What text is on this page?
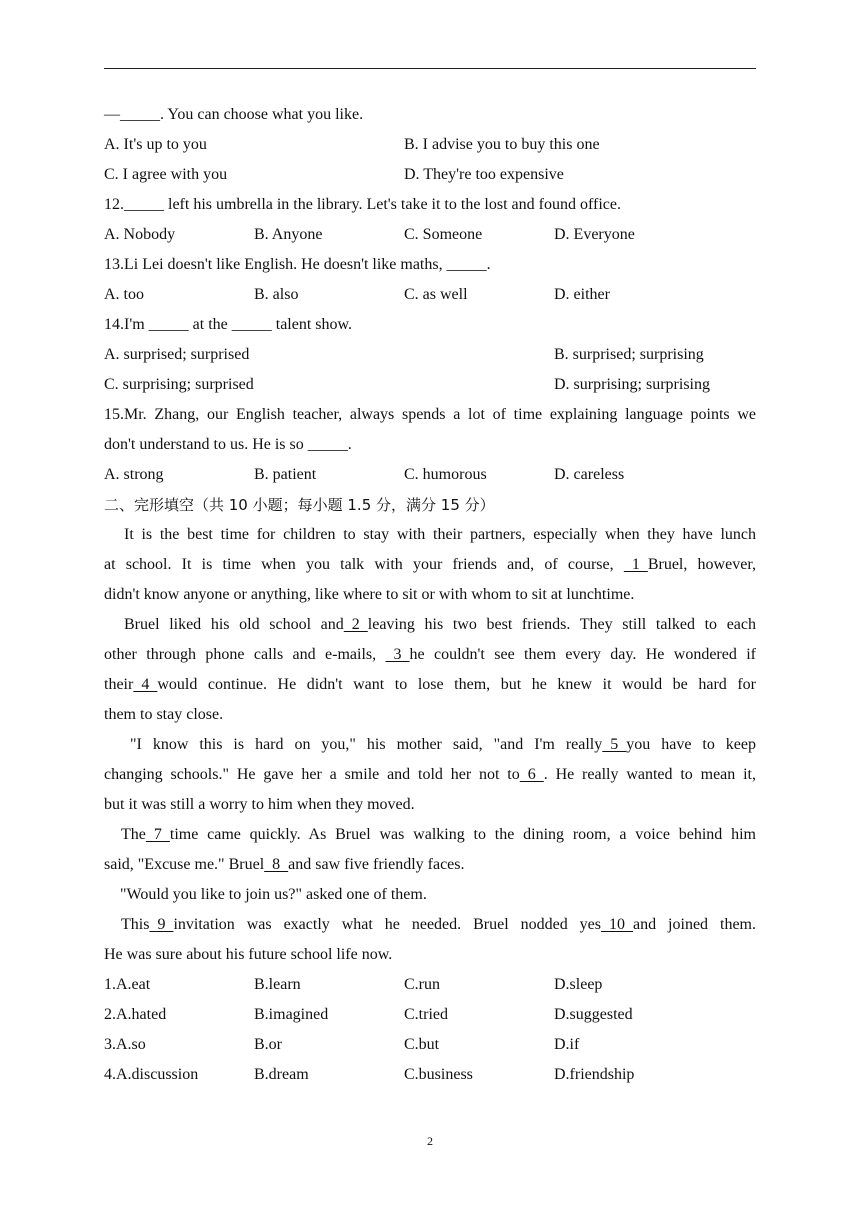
—_____. You can choose what you like.
A. It's up to you	B. I advise you to buy this one
C. I agree with you	D. They're too expensive
12._____ left his umbrella in the library. Let's take it to the lost and found office.
A. Nobody	B. Anyone	C. Someone	D. Everyone
13.Li Lei doesn't like English. He doesn't like maths, _____.
A. too	B. also	C. as well	D. either
14.I'm _____ at the _____ talent show.
A. surprised; surprised	B. surprised; surprising
C. surprising; surprised	D. surprising; surprising
15.Mr. Zhang, our English teacher, always spends a lot of time explaining language points we
don't understand to us. He is so _____.
A. strong	B. patient	C. humorous	D. careless
二、完形填空（共 10 小题；每小题 1.5 分，满分 15 分）
It is the best time for children to stay with their partners, especially when they have lunch
at school. It is time when you talk with your friends and, of course,   1  Bruel, however,
didn't know anyone or anything, like where to sit or with whom to sit at lunchtime.
Bruel liked his old school and  2  leaving his two best friends. They still talked to each
other through phone calls and e-mails,   3  he couldn't see them every day. He wondered if
their  4  would continue. He didn't want to lose them, but he knew it would be hard for
them to stay close.
"I know this is hard on you," his mother said, "and I'm really  5  you have to keep
changing schools." He gave her a smile and told her not to  6  . He really wanted to mean it,
but it was still a worry to him when they moved.
The  7  time came quickly. As Bruel was walking to the dining room, a voice behind him
said, "Excuse me." Bruel  8  and saw five friendly faces.
"Would you like to join us?" asked one of them.
This  9  invitation was exactly what he needed. Bruel nodded yes  10  and joined them.
He was sure about his future school life now.
1.A.eat	B.learn	C.run	D.sleep
2.A.hated	B.imagined	C.tried	D.suggested
3.A.so	B.or	C.but	D.if
4.A.discussion	B.dream	C.business	D.friendship
2
